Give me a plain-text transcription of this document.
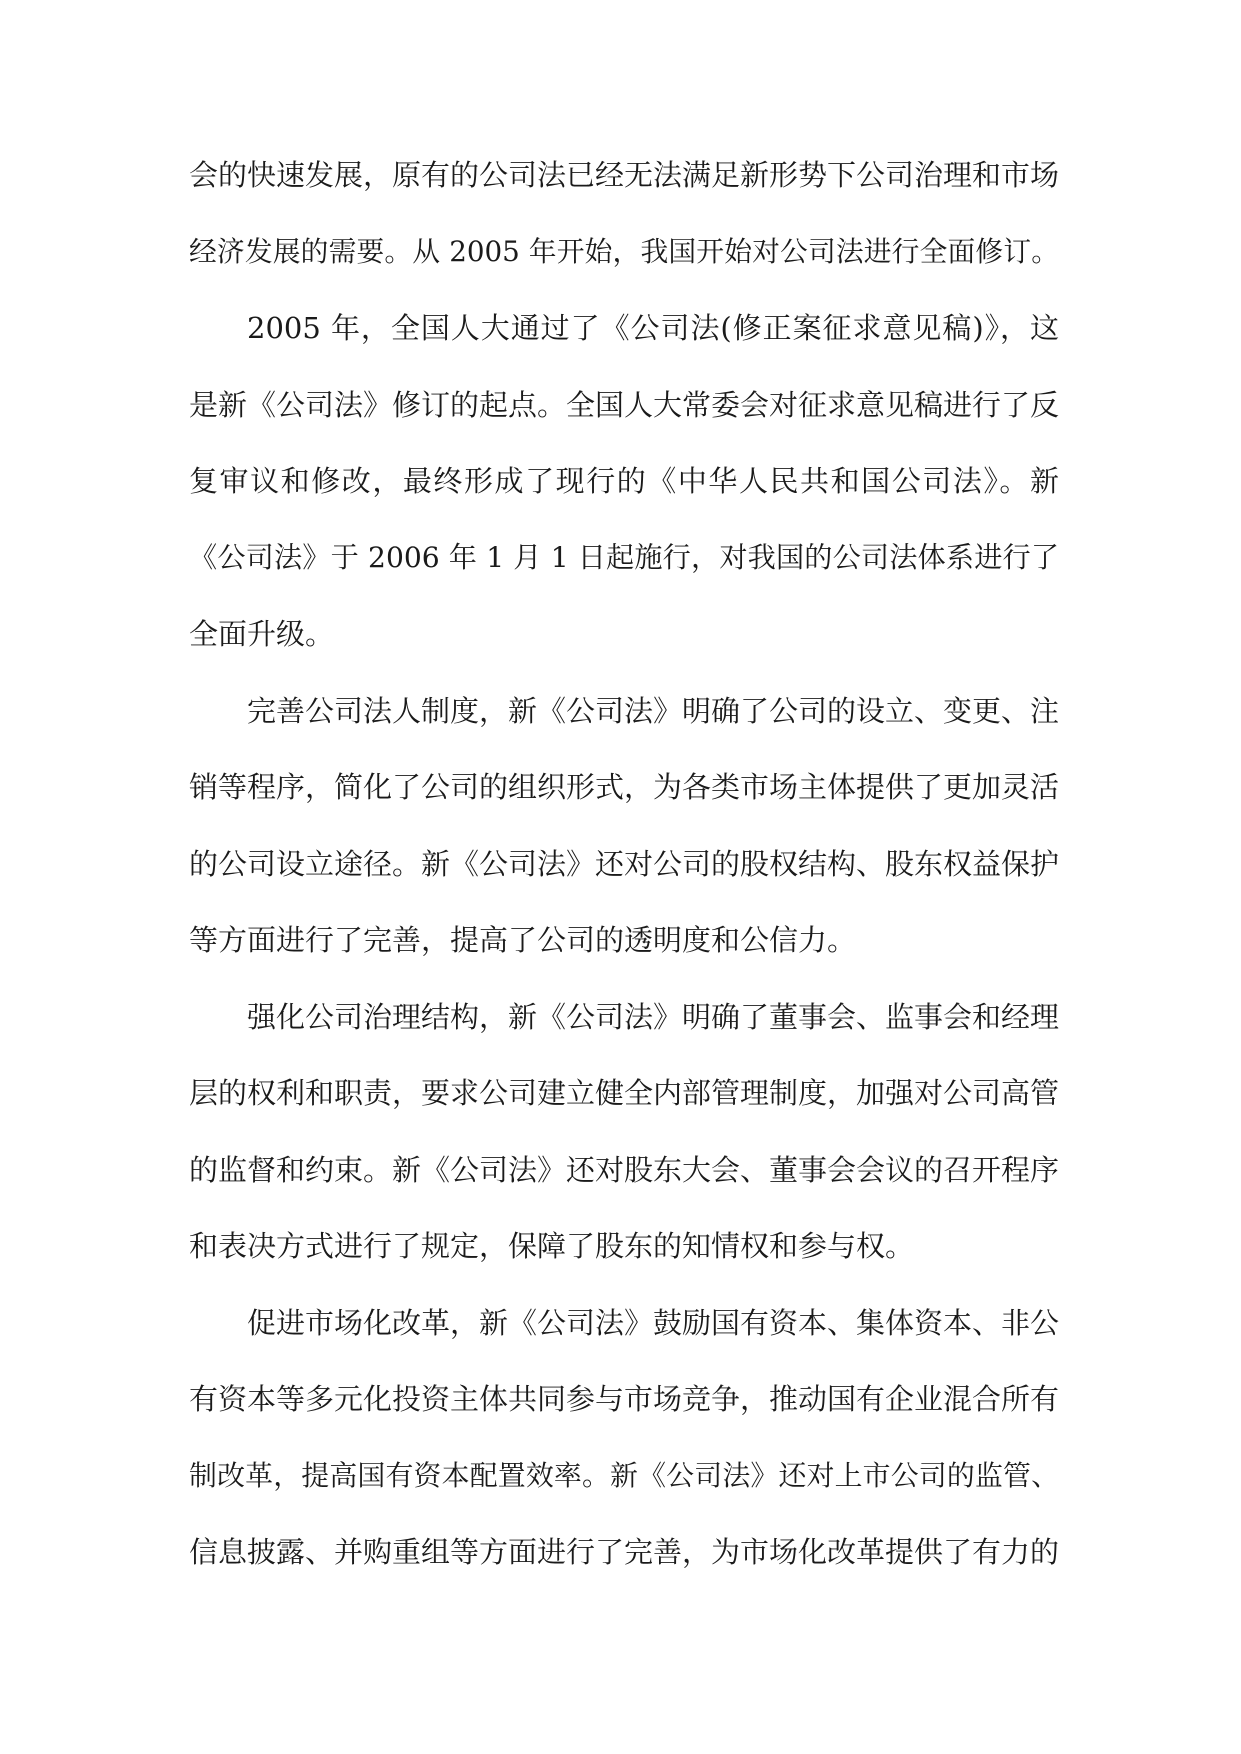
会的快速发展，原有的公司法已经无法满足新形势下公司治理和市场
经济发展的需要。从 2005 年开始，我国开始对公司法进行全面修订。
2005 年，全国人大通过了《公司法(修正案征求意见稿)》，这
是新《公司法》修订的起点。全国人大常委会对征求意见稿进行了反
复审议和修改，最终形成了现行的《中华人民共和国公司法》。新
《公司法》于 2006 年 1 月 1 日起施行，对我国的公司法体系进行了
全面升级。
完善公司法人制度，新《公司法》明确了公司的设立、变更、注
销等程序，简化了公司的组织形式，为各类市场主体提供了更加灵活
的公司设立途径。新《公司法》还对公司的股权结构、股东权益保护
等方面进行了完善，提高了公司的透明度和公信力。
强化公司治理结构，新《公司法》明确了董事会、监事会和经理
层的权利和职责，要求公司建立健全内部管理制度，加强对公司高管
的监督和约束。新《公司法》还对股东大会、董事会会议的召开程序
和表决方式进行了规定，保障了股东的知情权和参与权。
促进市场化改革，新《公司法》鼓励国有资本、集体资本、非公
有资本等多元化投资主体共同参与市场竞争，推动国有企业混合所有
制改革，提高国有资本配置效率。新《公司法》还对上市公司的监管、
信息披露、并购重组等方面进行了完善，为市场化改革提供了有力的
